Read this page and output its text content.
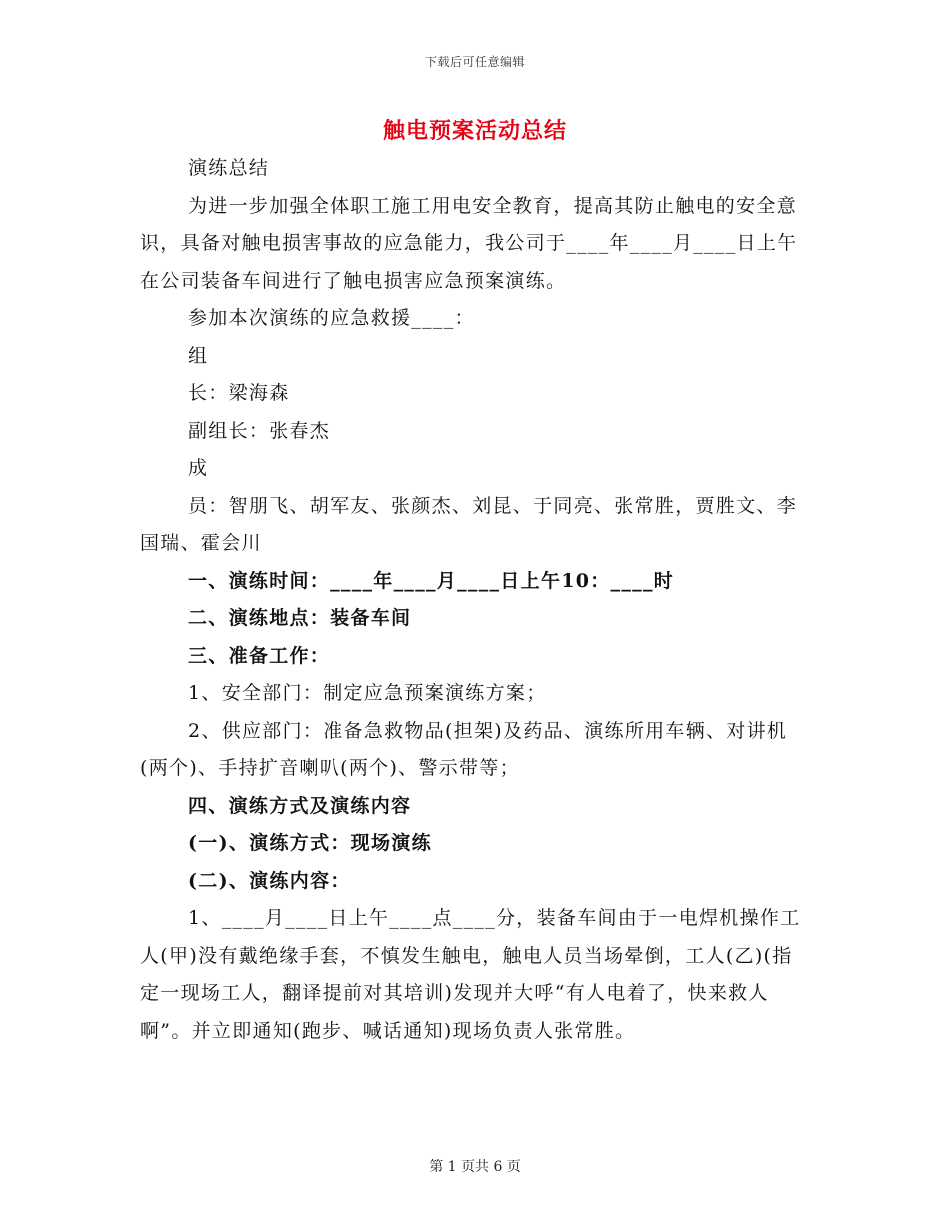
下载后可任意编辑
触电预案活动总结

演练总结

为进一步加强全体职工施工用电安全教育，提高其防止触电的安全意识，具备对触电损害事故的应急能力，我公司于____年____月____日上午在公司装备车间进行了触电损害应急预案演练。

参加本次演练的应急救援____：

组

长：梁海森

副组长：张春杰

成

员：智朋飞、胡军友、张颜杰、刘昆、于同亮、张常胜，贾胜文、李国瑞、霍会川

一、演练时间：____年____月____日上午10：____时

二、演练地点：装备车间

三、准备工作：

1、安全部门：制定应急预案演练方案；

2、供应部门：准备急救物品(担架)及药品、演练所用车辆、对讲机(两个)、手持扩音喇叭(两个)、警示带等；

四、演练方式及演练内容

(一)、演练方式：现场演练

(二)、演练内容：

1、____月____日上午____点____分，装备车间由于一电焊机操作工人(甲)没有戴绝缘手套，不慎发生触电，触电人员当场晕倒，工人(乙)(指定一现场工人，翻译提前对其培训)发现并大呼“有人电着了，快来救人啊”。并立即通知(跑步、喊话通知)现场负责人张常胜。

第 1 页共 6 页
